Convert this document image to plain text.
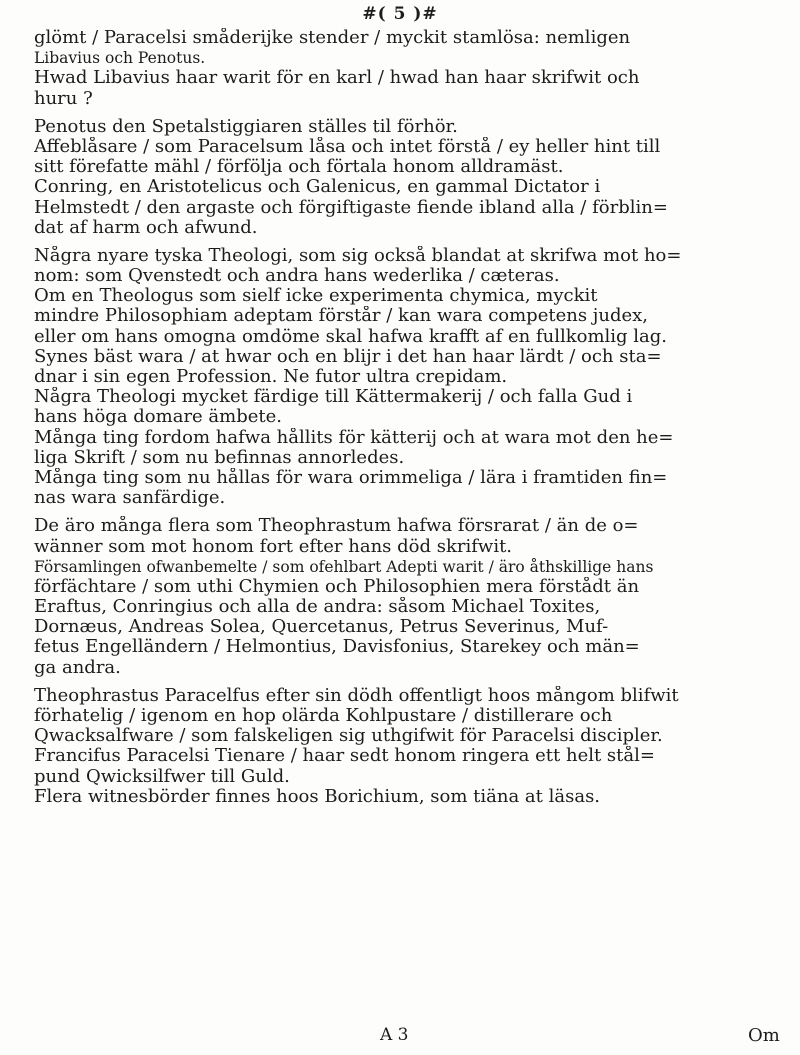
#( 5 )#
glömt / Paracelsi småderijke stender / myckit stamlösa: nemligen
Libavius och Penotus.
Hwad Libavius haar warit för en karl / hwad han haar skrifwit och
huru ?
Penotus den Spetalstiggiaren ställes til förhör.
Affeblåsare / som Paracelsum låsa och intet förstå / ey heller hint till
sitt förefatte mähl / förfölja och förtala honom alldramäst.
Conring, en Aristotelicus och Galenicus, en gammal Dictator i
Helmstedt / den argaste och förgiftigaste fiende ibland alla / förblin=
dat af harm och afwund.
Några nyare tyska Theologi, som sig också blandat at skrifwa mot ho=
nom: som Qvenstedt och andra hans wederlika / cæteras.
Om en Theologus som sielf icke experimenta chymica, myckit
mindre Philosophiam adeptam förstår / kan wara competens judex,
eller om hans omogna omdöme skal hafwa krafft af en fullkomlig lag.
Synes bäst wara / at hwar och en blijr i det han haar lärdt / och sta=
dnar i sin egen Profession. Ne futor ultra crepidam.
Några Theologi mycket färdige till Kättermakerij / och falla Gud i
hans höga domare ämbete.
Många ting fordom hafwa hållits för kätterij och at wara mot den he=
liga Skrift / som nu befinnas annorledes.
Många ting som nu hållas för wara orimmeliga / lära i framtiden fin=
nas wara sanfärdige.
De äro många flera som Theophrastum hafwa försrarat / än de o=
wänner som mot honom fort efter hans död skrifwit.
Församlingen ofwanbemelte / som ofehlbart Adepti warit / äro åthskillige hans
förfächtare / som uthi Chymien och Philosophien mera förstådt än
Eraftus, Conringius och alla de andra: såsom Michael Toxites,
Dornæus, Andreas Solea, Quercetanus, Petrus Severinus, Muf-
fetus Engelländern / Helmontius, Davisfonius, Starekey och män=
ga andra.
Theophrastus Paracelfus efter sin dödh offentligt hoos mångom blifwit
förhatelig / igenom en hop olärda Kohlpustare / distillerare och
Qwacksalfware / som falskeligen sig uthgifwit för Paracelsi discipler.
Francifus Paracelsi Tienare / haar sedt honom ringera ett helt stål=
pund Qwicksilfwer till Guld.
Flera witnesbörder finnes hoos Borichium, som tiäna at läsas.
A 3	Om
